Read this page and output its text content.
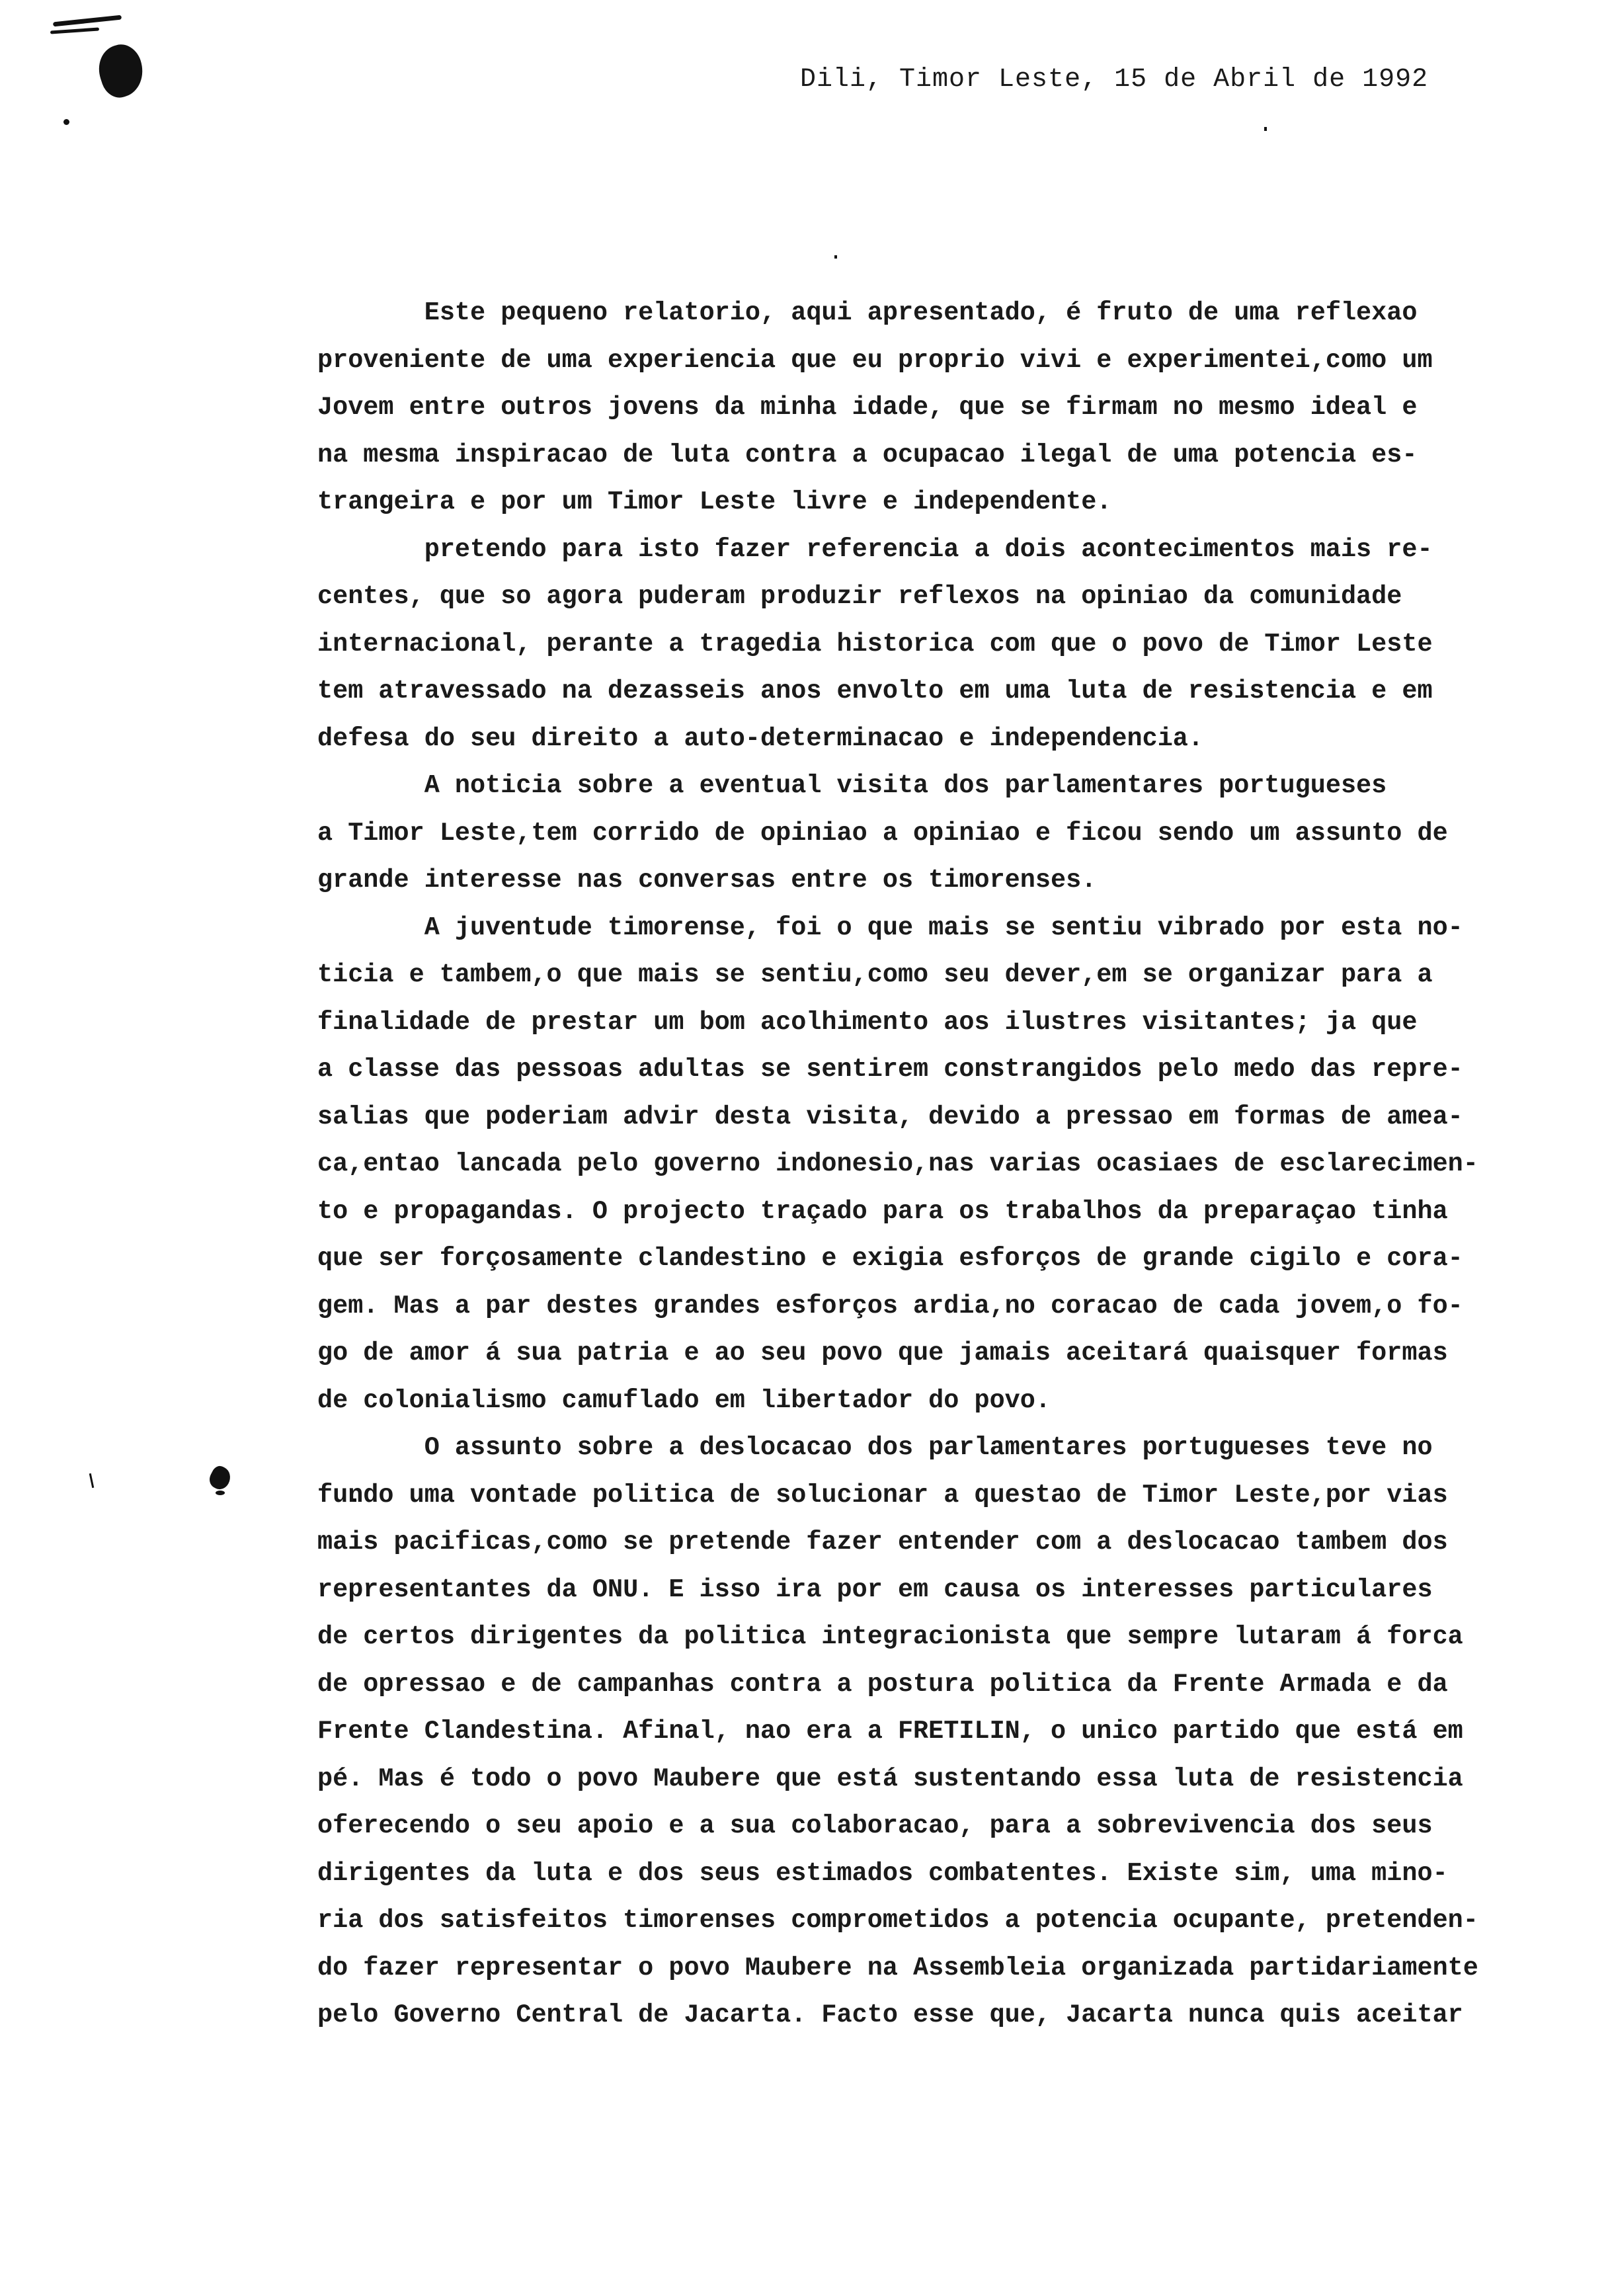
Dili, Timor Leste, 15 de Abril de 1992
Este pequeno relatorio, aqui apresentado, é fruto de uma reflexao
proveniente de uma experiencia que eu proprio vivi e experimentei,como um
Jovem entre outros jovens da minha idade, que se firmam no mesmo ideal e
na mesma inspiracao de luta contra a ocupacao ilegal de uma potencia es-
trangeira e por um Timor Leste livre e independente.
pretendo para isto fazer referencia a dois acontecimentos mais re-
centes, que so agora puderam produzir reflexos na opiniao da comunidade
internacional, perante a tragedia historica com que o povo de Timor Leste
tem atravessado na dezasseis anos envolto em uma luta de resistencia e em
defesa do seu direito a auto-determinacao e independencia.
A noticia sobre a eventual visita dos parlamentares portugueses
a Timor Leste,tem corrido de opiniao a opiniao e ficou sendo um assunto de
grande interesse nas conversas entre os timorenses.
A juventude timorense, foi o que mais se sentiu vibrado por esta no-
ticia e tambem,o que mais se sentiu,como seu dever,em se organizar para a
finalidade de prestar um bom acolhimento aos ilustres visitantes; ja que
a classe das pessoas adultas se sentirem constrangidos pelo medo das repre-
salias que poderiam advir desta visita, devido a pressao em formas de amea-
ca,entao lancada pelo governo indonesio,nas varias ocasiaes de esclarecimen-
to e propagandas. O projecto traçado para os trabalhos da preparaçao tinha
que ser forçosamente clandestino e exigia esforços de grande cigilo e cora-
gem. Mas a par destes grandes esforços ardia,no coracao de cada jovem,o fo-
go de amor á sua patria e ao seu povo que jamais aceitará quaisquer formas
de colonialismo camuflado em libertador do povo.
O assunto sobre a deslocacao dos parlamentares portugueses teve no
fundo uma vontade politica de solucionar a questao de Timor Leste,por vias
mais pacificas,como se pretende fazer entender com a deslocacao tambem dos
representantes da ONU. E isso ira por em causa os interesses particulares
de certos dirigentes da politica integracionista que sempre lutaram á forca
de opressao e de campanhas contra a postura politica da Frente Armada e da
Frente Clandestina. Afinal, nao era a FRETILIN, o unico partido que está em
pé. Mas é todo o povo Maubere que está sustentando essa luta de resistencia
oferecendo o seu apoio e a sua colaboracao, para a sobrevivencia dos seus
dirigentes da luta e dos seus estimados combatentes. Existe sim, uma mino-
ria dos satisfeitos timorenses comprometidos a potencia ocupante, pretenden-
do fazer representar o povo Maubere na Assembleia organizada partidariamente
pelo Governo Central de Jacarta. Facto esse que, Jacarta nunca quis aceitar
